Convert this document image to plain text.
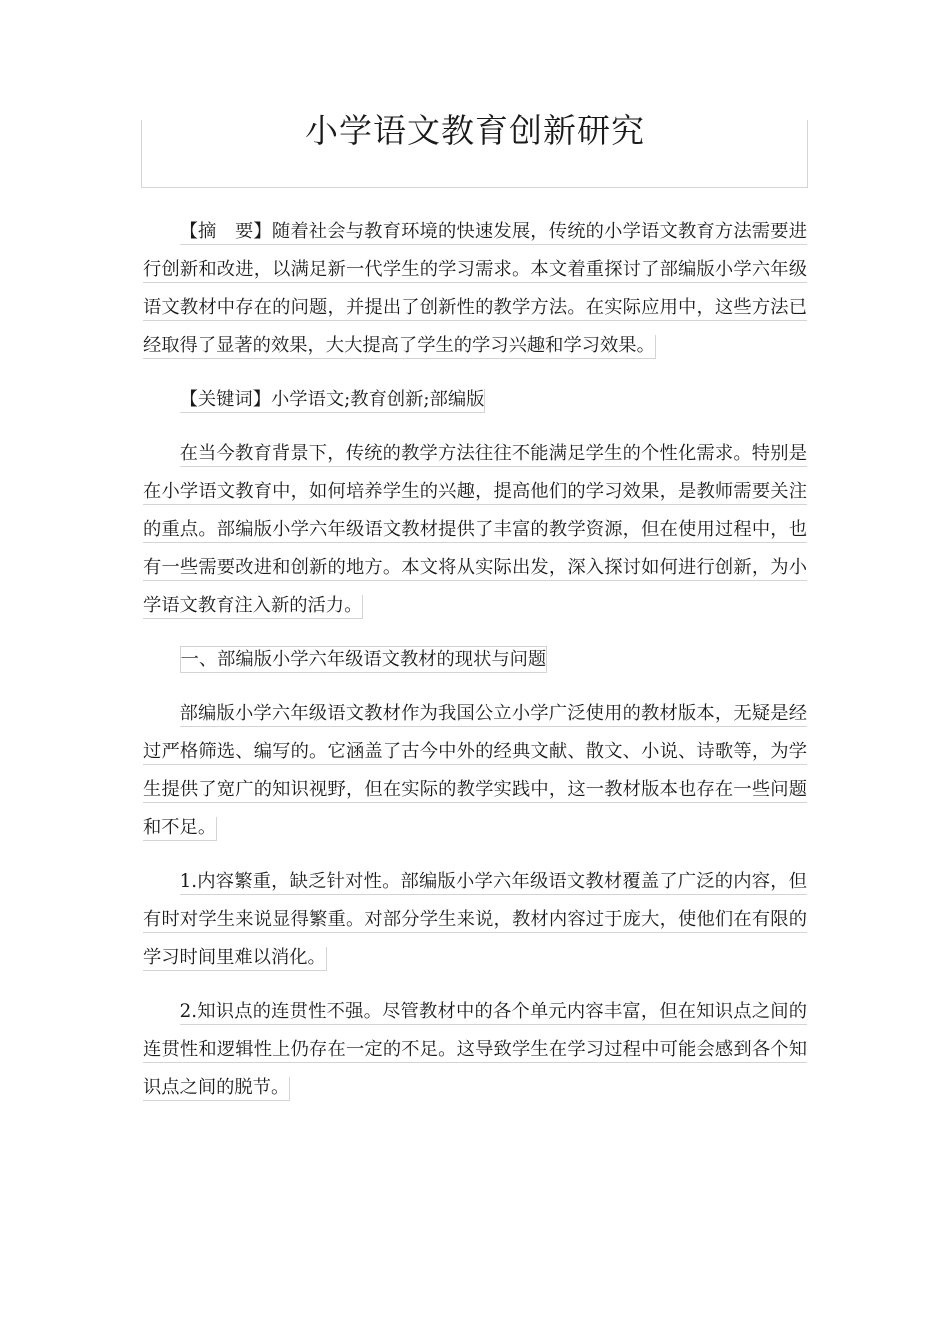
小学语文教育创新研究

【摘　要】随着社会与教育环境的快速发展，传统的小学语文教育方法需要进行创新和改进，以满足新一代学生的学习需求。本文着重探讨了部编版小学六年级语文教材中存在的问题，并提出了创新性的教学方法。在实际应用中，这些方法已经取得了显著的效果，大大提高了学生的学习兴趣和学习效果。

【关键词】小学语文;教育创新;部编版

在当今教育背景下，传统的教学方法往往不能满足学生的个性化需求。特别是在小学语文教育中，如何培养学生的兴趣，提高他们的学习效果，是教师需要关注的重点。部编版小学六年级语文教材提供了丰富的教学资源，但在使用过程中，也有一些需要改进和创新的地方。本文将从实际出发，深入探讨如何进行创新，为小学语文教育注入新的活力。

一、部编版小学六年级语文教材的现状与问题

部编版小学六年级语文教材作为我国公立小学广泛使用的教材版本，无疑是经过严格筛选、编写的。它涵盖了古今中外的经典文献、散文、小说、诗歌等，为学生提供了宽广的知识视野，但在实际的教学实践中，这一教材版本也存在一些问题和不足。

1.内容繁重，缺乏针对性。部编版小学六年级语文教材覆盖了广泛的内容，但有时对学生来说显得繁重。对部分学生来说，教材内容过于庞大，使他们在有限的学习时间里难以消化。

2.知识点的连贯性不强。尽管教材中的各个单元内容丰富，但在知识点之间的连贯性和逻辑性上仍存在一定的不足。这导致学生在学习过程中可能会感到各个知识点之间的脱节。
